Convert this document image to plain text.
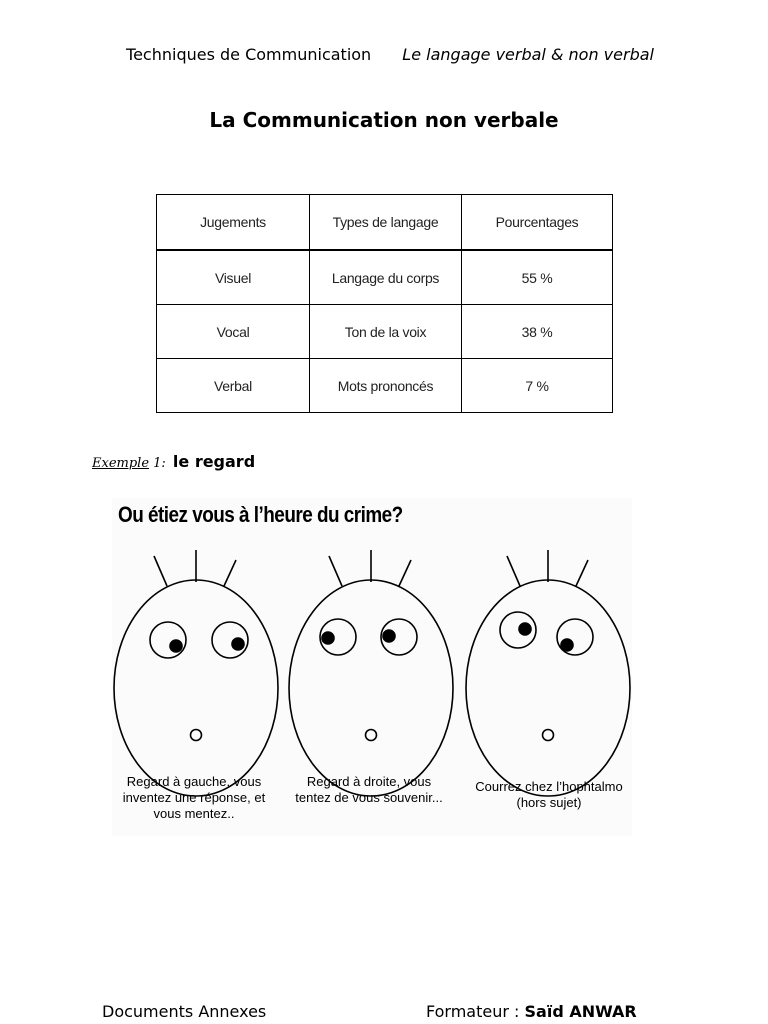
Techniques de Communication Le langage verbal & non verbal
La Communication non verbale
Jugements	Types de langage	Pourcentages
Visuel	Langage du corps	55 %
Vocal	Ton de la voix	38 %
Verbal	Mots prononcés	7 %
Exemple 1: le regard
Ou étiez vous à l’heure du crime?
Regard à gauche, vous inventez une réponse, et vous mentez..
Regard à droite, vous tentez de vous souvenir...
Courrez chez l’hophtalmo (hors sujet)
Documents Annexes	Formateur : Saïd ANWAR
